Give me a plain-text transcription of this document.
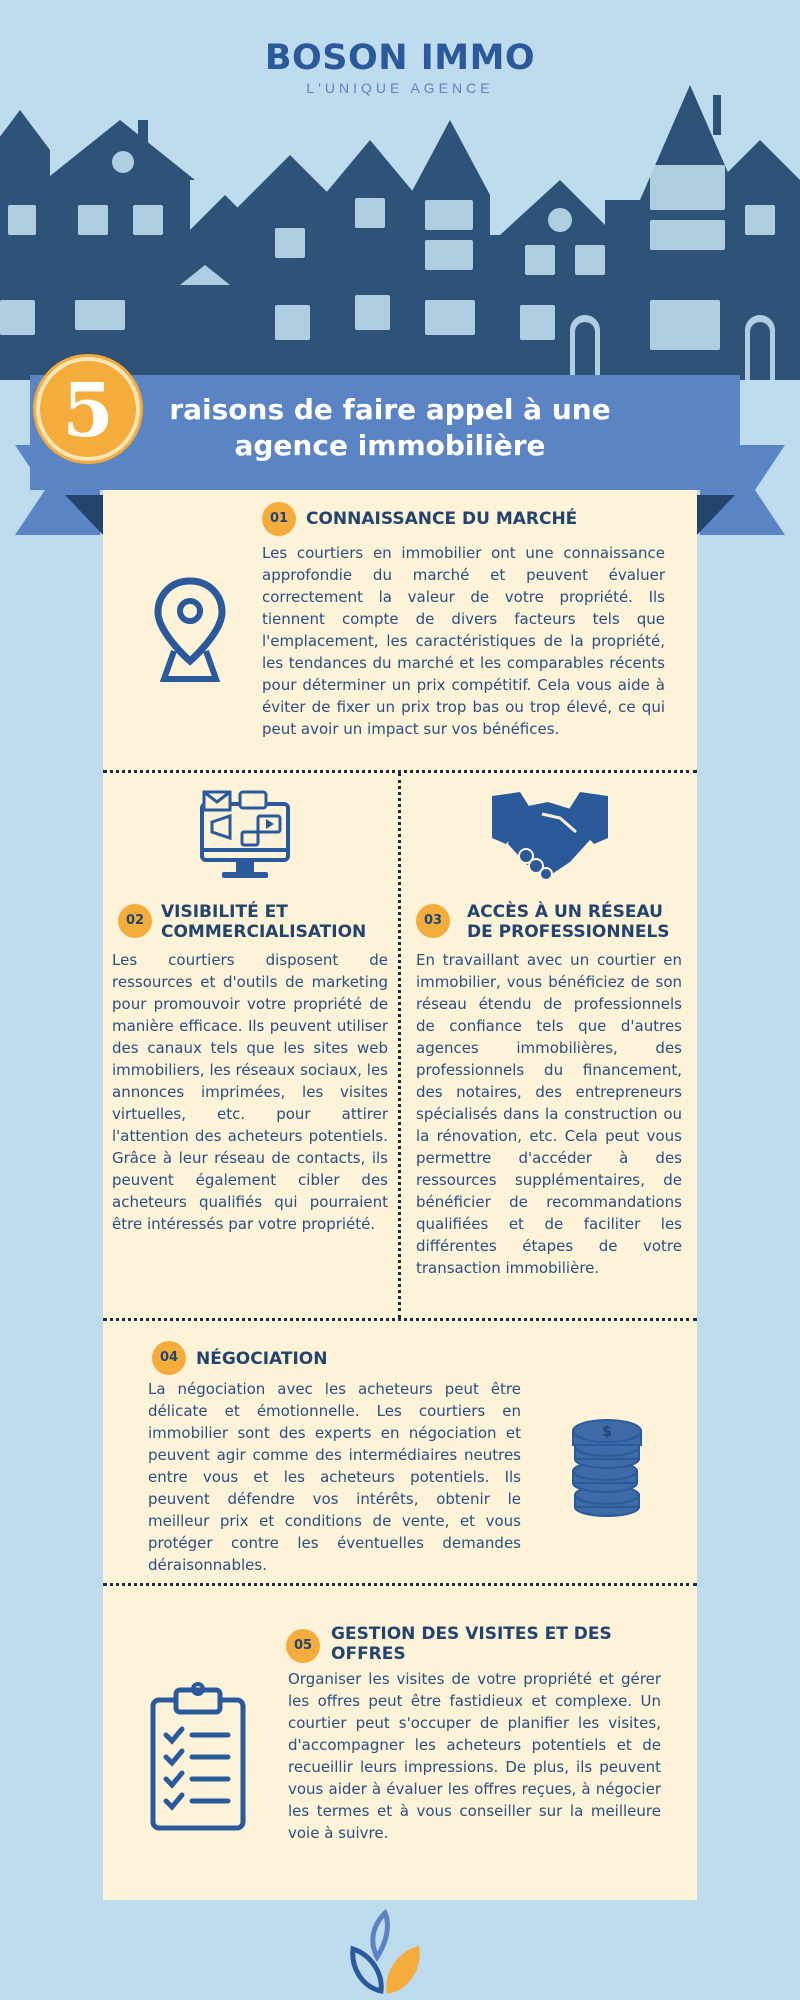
BOSON IMMO
L'UNIQUE AGENCE
5	raisons de faire appel à une
agence immobilière
01	CONNAISSANCE DU MARCHÉ
Les courtiers en immobilier ont une connaissance approfondie du marché et peuvent évaluer correctement la valeur de votre propriété. Ils tiennent compte de divers facteurs tels que l'emplacement, les caractéristiques de la propriété, les tendances du marché et les comparables récents pour déterminer un prix compétitif. Cela vous aide à éviter de fixer un prix trop bas ou trop élevé, ce qui peut avoir un impact sur vos bénéfices.
02 VISIBILITÉ ET
COMMERCIALISATION
Les courtiers disposent de ressources et d'outils de marketing pour promouvoir votre propriété de manière efficace. Ils peuvent utiliser des canaux tels que les sites web immobiliers, les réseaux sociaux, les annonces imprimées, les visites virtuelles, etc. pour attirer l'attention des acheteurs potentiels. Grâce à leur réseau de contacts, ils peuvent également cibler des acheteurs qualifiés qui pourraient être intéressés par votre propriété.
03	ACCÈS À UN RÉSEAU
DE PROFESSIONNELS
En travaillant avec un courtier en immobilier, vous bénéficiez de son réseau étendu de professionnels de confiance tels que d'autres agences immobilières, des professionnels du financement, des notaires, des entrepreneurs spécialisés dans la construction ou la rénovation, etc. Cela peut vous permettre d'accéder à des ressources supplémentaires, de bénéficier de recommandations qualifiées et de faciliter les différentes étapes de votre transaction immobilière.
04	NÉGOCIATION
La négociation avec les acheteurs peut être délicate et émotionnelle. Les courtiers en immobilier sont des experts en négociation et peuvent agir comme des intermédiaires neutres entre vous et les acheteurs potentiels. Ils peuvent défendre vos intérêts, obtenir le meilleur prix et conditions de vente, et vous protéger contre les éventuelles demandes déraisonnables.
$
05
GESTION DES VISITES ET DES
OFFRES
Organiser les visites de votre propriété et gérer les offres peut être fastidieux et complexe. Un courtier peut s'occuper de planifier les visites, d'accompagner les acheteurs potentiels et de recueillir leurs impressions. De plus, ils peuvent vous aider à évaluer les offres reçues, à négocier les termes et à vous conseiller sur la meilleure voie à suivre.
